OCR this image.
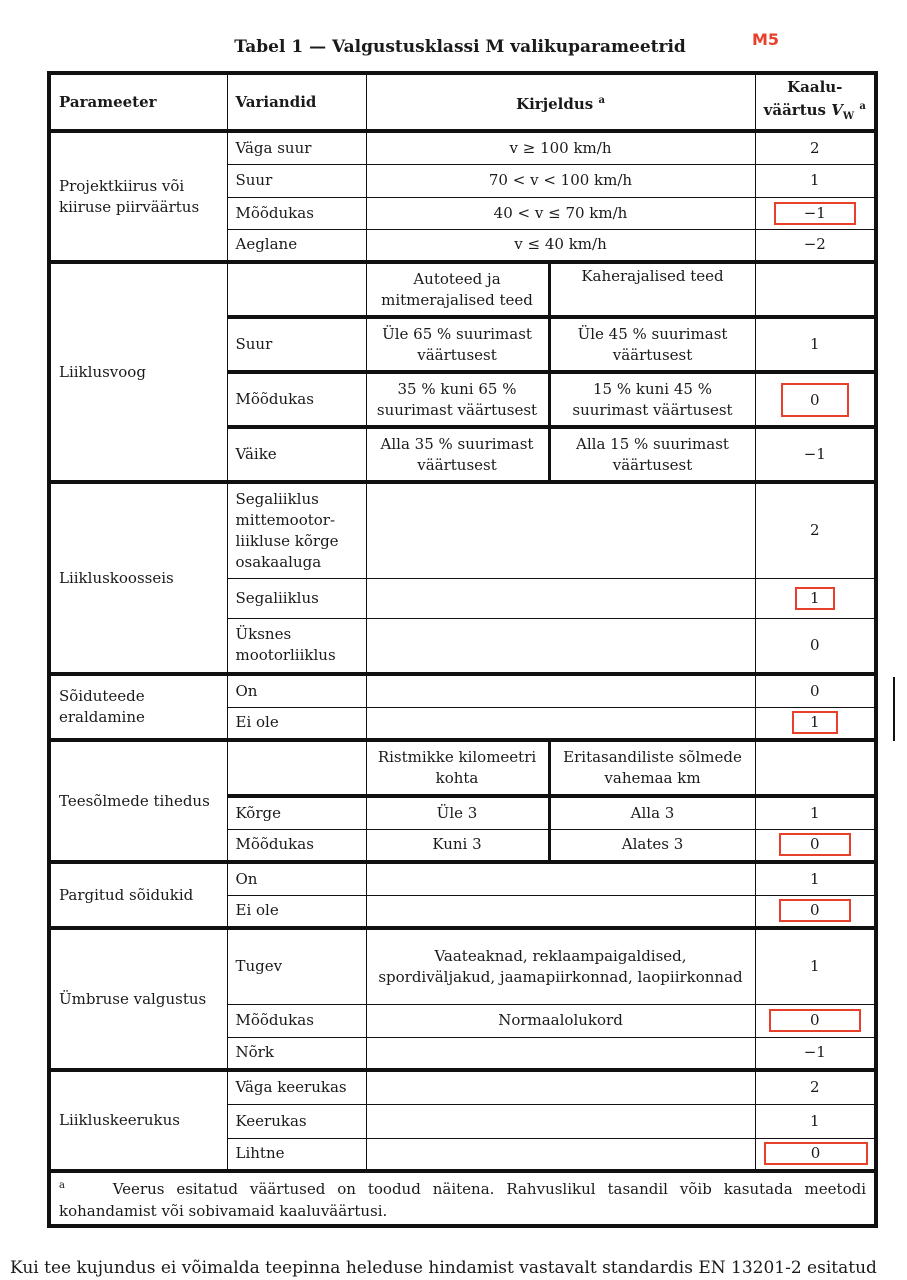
Tabel 1 — Valgustusklassi M valikuparameetrid	M5
Parameeter	Variandid	Kirjeldus $^a$		Kaalu-
väärtus $V_W$ $^a$
Projektkiirus või kiiruse piirväärtus	Väga suur	v ≥ 100 km/h		2
	Suur	70 < v < 100 km/h		1
	Mõõdukas	40 < v ≤ 70 km/h		−1
	Aeglane	v ≤ 40 km/h		−2
Liiklusvoog		Autoteed ja mitmerajalised teed	Kaherajalised teed	
	Suur	Üle 65 % suurimast väärtusest	Üle 45 % suurimast väärtusest	1
	Mõõdukas	35 % kuni 65 % suurimast väärtusest	15 % kuni 45 % suurimast väärtusest	0
	Väike	Alla 35 % suurimast väärtusest	Alla 15 % suurimast väärtusest	−1
Liikluskoosseis	Segaliiklus mittemootor-liikluse kõrge osakaaluga			2
	Segaliiklus			1
	Üksnes mootorliiklus			0
Sõiduteede eraldamine	On			0
	Ei ole			1
Teesõlmede tihedus		Ristmikke kilomeetri kohta	Eritasandiliste sõlmede vahemaa km	
	Kõrge	Üle 3	Alla 3	1
	Mõõdukas	Kuni 3	Alates 3	0
Pargitud sõidukid	On			1
	Ei ole			0
Ümbruse valgustus	Tugev	Vaateaknad, reklaampaigaldised, spordiväljakud, jaamapiirkonnad, laopiirkonnad		1
	Mõõdukas	Normaalolukord		0
	Nõrk			−1
Liikluskeerukus	Väga keerukas			2
	Keerukas			1
	Lihtne			0
$^a$ Veerus esitatud väärtused on toodud näitena. Rahvuslikul tasandil võib kasutada meetodi kohandamist või sobivamaid kaaluväärtusi.				

Kui tee kujundus ei võimalda teepinna heleduse hindamist vastavalt standardis EN 13201-2 esitatud
